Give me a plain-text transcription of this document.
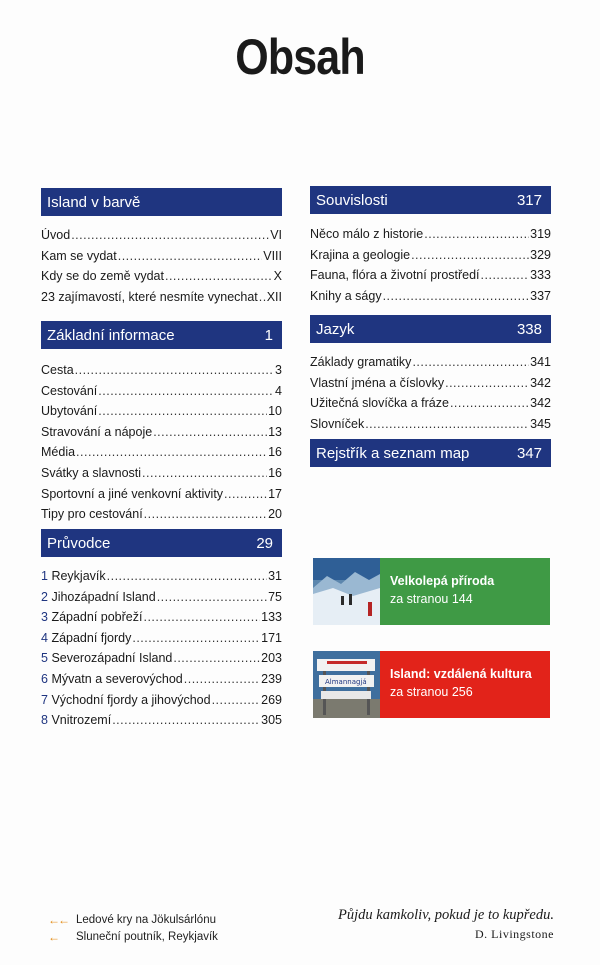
Obsah
Island v barvě
Úvod .....	VI
Kam se vydat .....	VIII
Kdy se do země vydat .....	X
23 zajímavostí, které nesmíte vynechat ..... XII
Základní informace	1
Cesta .....	3
Cestování .....	4
Ubytování .....	10
Stravování a nápoje .....	13
Média .....	16
Svátky a slavnosti .....	16
Sportovní a jiné venkovní aktivity .....	17
Tipy pro cestování .....	20
Průvodce	29
1 Reykjavík .....	31
2 Jihozápadní Island .....	75
3 Západní pobřeží .....	133
4 Západní fjordy .....	171
5 Severozápadní Island .....	203
6 Mývatn a severovýchod .....	239
7 Východní fjordy a jihovýchod .....	269
8 Vnitrozemí .....	305
Souvislosti	317
Něco málo z historie .....	319
Krajina a geologie .....	329
Fauna, flóra a životní prostředí .....	333
Knihy a ságy .....	337
Jazyk	338
Základy gramatiky .....	341
Vlastní jména a číslovky .....	342
Užitečná slovíčka a fráze .....	342
Slovníček .....	345
Rejstřík a seznam map	347
Velkolepá příroda
za stranou 144
Almannagjá
Island: vzdálená kultura
za stranou 256
←← Ledové kry na Jökulsárlónu
←	Sluneční poutník, Reykjavík
Půjdu kamkoliv, pokud je to kupředu.
D. Livingstone
